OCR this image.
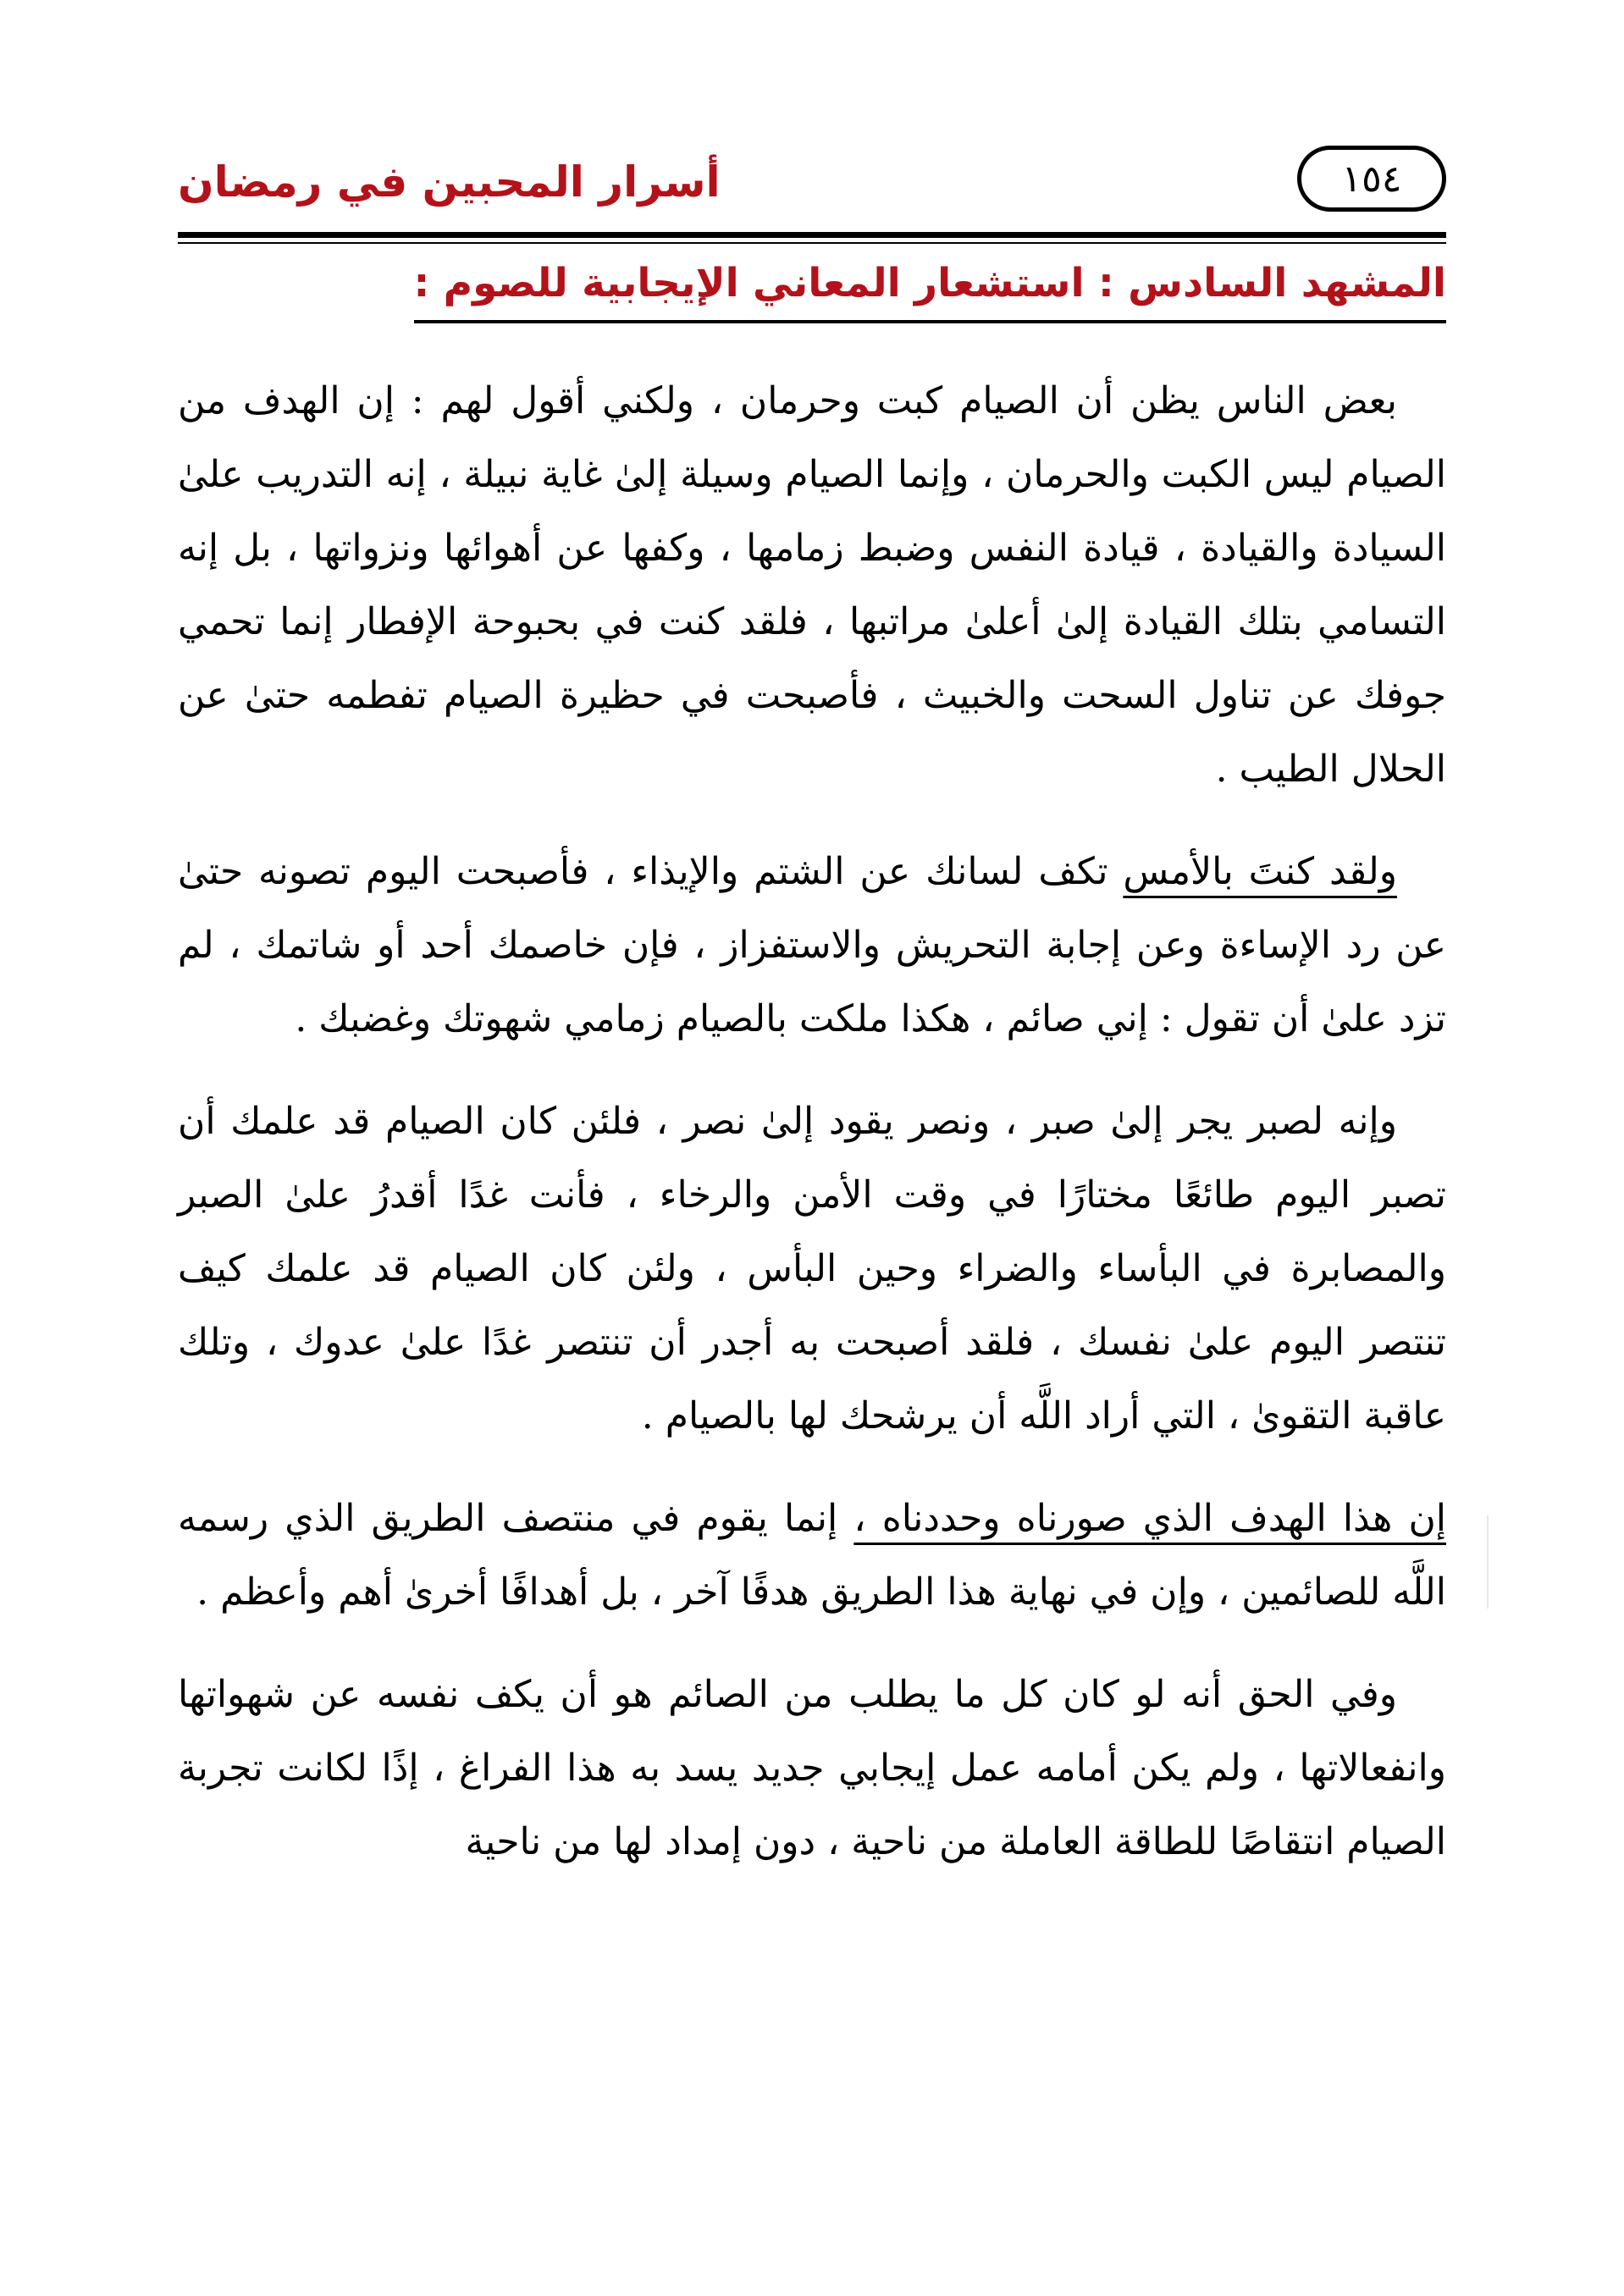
أسرار المحبين في رمضان	١٥٤
المشهد السادس : استشعار المعاني الإيجابية للصوم :

بعض الناس يظن أن الصيام كبت وحرمان ، ولكني أقول لهم : إن الهدف من الصيام ليس الكبت والحرمان ، وإنما الصيام وسيلة إلىٰ غاية نبيلة ، إنه التدريب علىٰ السيادة والقيادة ، قيادة النفس وضبط زمامها ، وكفها عن أهوائها ونزواتها ، بل إنه التسامي بتلك القيادة إلىٰ أعلىٰ مراتبها ، فلقد كنت في بحبوحة الإفطار إنما تحمي جوفك عن تناول السحت والخبيث ، فأصبحت في حظيرة الصيام تفطمه حتىٰ عن الحلال الطيب .

ولقد كنتَ بالأمس تكف لسانك عن الشتم والإيذاء ، فأصبحت اليوم تصونه حتىٰ عن رد الإساءة وعن إجابة التحريش والاستفزاز ، فإن خاصمك أحد أو شاتمك ، لم تزد علىٰ أن تقول : إني صائم ، هكذا ملكت بالصيام زمامي شهوتك وغضبك .

وإنه لصبر يجر إلىٰ صبر ، ونصر يقود إلىٰ نصر ، فلئن كان الصيام قد علمك أن تصبر اليوم طائعًا مختارًا في وقت الأمن والرخاء ، فأنت غدًا أقدرُ علىٰ الصبر والمصابرة في البأساء والضراء وحين البأس ، ولئن كان الصيام قد علمك كيف تنتصر اليوم علىٰ نفسك ، فلقد أصبحت به أجدر أن تنتصر غدًا علىٰ عدوك ، وتلك عاقبة التقوىٰ ، التي أراد اللَّه أن يرشحك لها بالصيام .

إن هذا الهدف الذي صورناه وحددناه ، إنما يقوم في منتصف الطريق الذي رسمه اللَّه للصائمين ، وإن في نهاية هذا الطريق هدفًا آخر ، بل أهدافًا أخرىٰ أهم وأعظم .

وفي الحق أنه لو كان كل ما يطلب من الصائم هو أن يكف نفسه عن شهواتها وانفعالاتها ، ولم يكن أمامه عمل إيجابي جديد يسد به هذا الفراغ ، إذًا لكانت تجربة الصيام انتقاصًا للطاقة العاملة من ناحية ، دون إمداد لها من ناحية
